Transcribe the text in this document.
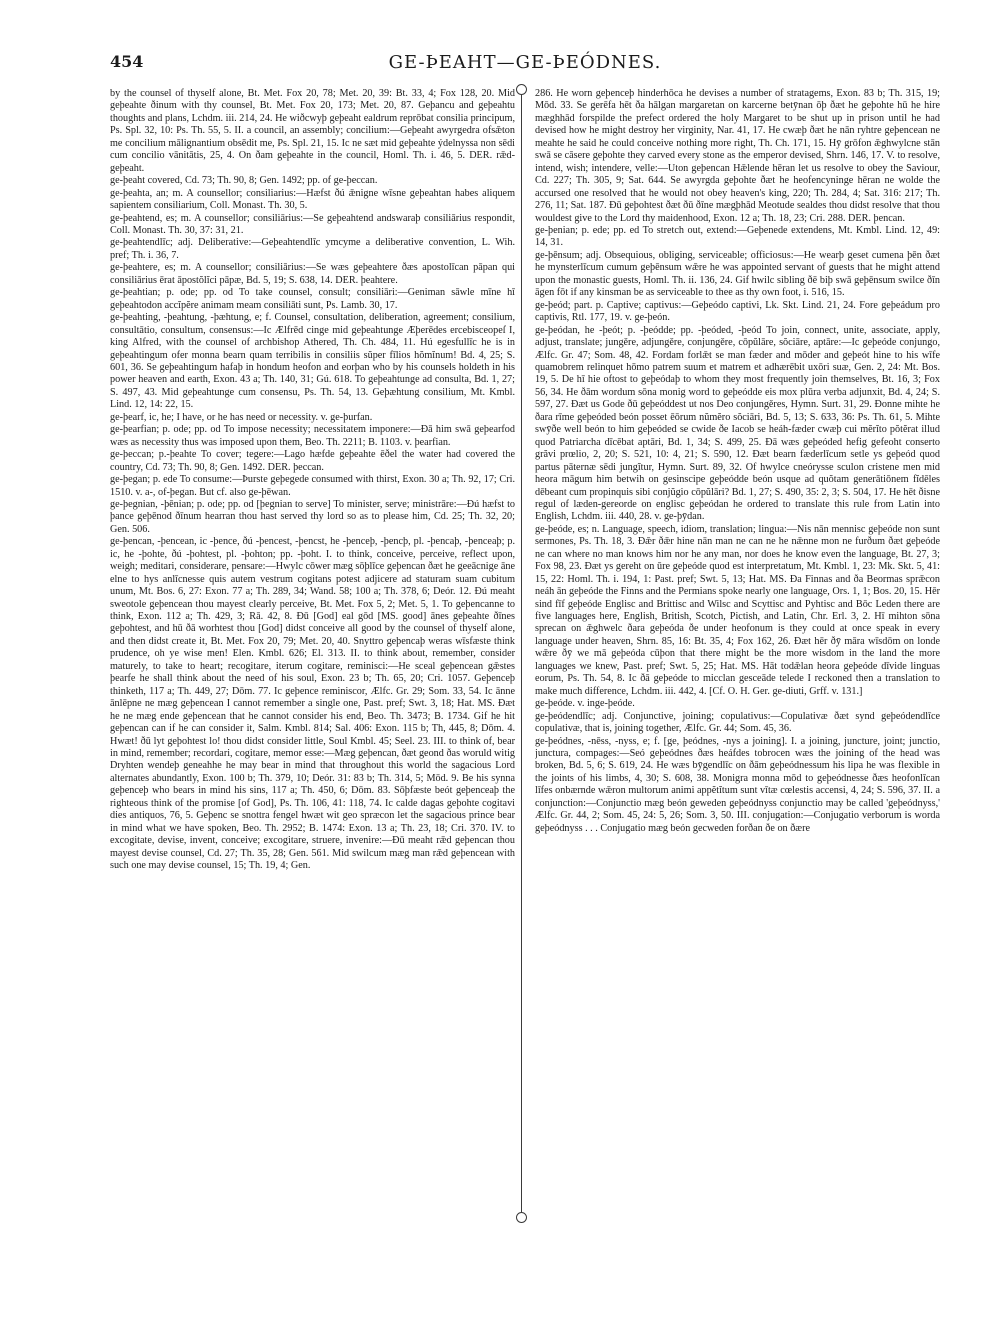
454	GE-ÞEAHT—GE-ÞEÓDNES.

by the counsel of thyself alone, Bt. Met. Fox 20, 78; Met. 20, 39: Bt. 33, 4; Fox 128, 20. Mid geþeahte ðinum with thy counsel, Bt. Met. Fox 20, 173; Met. 20, 87. Geþancu and geþeahtu thoughts and plans, Lchdm. iii. 214, 24. He wiðcwyþ geþeaht ealdrum reprōbat consilia principum, Ps. Spl. 32, 10: Ps. Th. 55, 5. II. a council, an assembly; concilium:—Geþeaht awyrgedra ofsǣton me concilium mālignantium obsēdit me, Ps. Spl. 21, 15. Ic ne sæt mid geþeahte ýdelnyssa non sēdi cum concilio vānitātis, 25, 4. On ðam geþeahte in the council, Homl. Th. i. 46, 5. DER. rǣd-geþeaht.

ge-þeaht covered, Cd. 73; Th. 90, 8; Gen. 1492; pp. of ge-þeccan.

ge-þeahta, an; m. A counsellor; consiliarius:—Hæfst ðú ǣnigne wīsne geþeahtan habes aliquem sapientem consiliarium, Coll. Monast. Th. 30, 5.

ge-þeahtend, es; m. A counsellor; consiliārius:—Se geþeahtend andswaraþ consiliārius respondit, Coll. Monast. Th. 30, 37: 31, 21.

ge-þeahtendlīc; adj. Deliberative:—Geþeahtendlīc ymcyme a deliberative convention, L. Wih. pref; Th. i. 36, 7.

ge-þeahtere, es; m. A counsellor; consiliārius:—Se wæs geþeahtere ðæs apostolīcan pāpan qui consiliārius ērat āpostŏlĭci pāpæ, Bd. 5, 19; S. 638, 14. DER. þeahtere.

ge-þeahtian; p. ode; pp. od To take counsel, consult; consiliāri:—Geniman sāwle mīne hī geþeahtodon accĭpĕre animam meam consiliāti sunt, Ps. Lamb. 30, 17.

ge-þeahting, -þeahtung, -þæhtung, e; f. Counsel, consultation, deliberation, agreement; consilium, consultātio, consultum, consensus:—Ic Ælfrēd cinge mid geþeahtunge Æþerēdes ercebisceopeſ I, king Alfred, with the counsel of archbishop Athered, Th. Ch. 484, 11. Hú egesfullīc he is in geþeahtingum ofer monna bearn quam terribilis in consiliis sŭper fīlios hŏmĭnum! Bd. 4, 25; S. 601, 36. Se geþeahtingum hafaþ in hondum heofon and eorþan who by his counsels holdeth in his power heaven and earth, Exon. 43 a; Th. 140, 31; Gú. 618. To geþeahtunge ad consulta, Bd. 1, 27; S. 497, 43. Mid geþeahtunge cum consensu, Ps. Th. 54, 13. Geþæhtung consilium, Mt. Kmbl. Lind. 12, 14: 22, 15.

ge-þearf, ic, he; I have, or he has need or necessity. v. ge-þurfan.

ge-þearfian; p. ode; pp. od To impose necessity; necessitatem imponere:—Ðā him swā geþearfod wæs as necessity thus was imposed upon them, Beo. Th. 2211; B. 1103. v. þearfian.

ge-þeccan; p.-þeahte To cover; tegere:—Lago hæfde geþeahte ēðel the water had covered the country, Cd. 73; Th. 90, 8; Gen. 1492. DER. þeccan.

ge-þegan; p. ede To consume:—Þurste geþegede consumed with thirst, Exon. 30 a; Th. 92, 17; Cri. 1510. v. a-, of-þegan. But cf. also ge-þēwan.

ge-þegnian, -þēnian; p. ode; pp. od [þegnian to serve] To minister, serve; ministrāre:—Ðú hæfst to þance geþēnod ðīnum hearran thou hast served thy lord so as to please him, Cd. 25; Th. 32, 20; Gen. 506.

ge-þencan, -þencean, ic -þence, ðú -þencest, -þencst, he -þenceþ, -þencþ, pl. -þencaþ, -þenceaþ; p. ic, he -þohte, ðú -þohtest, pl. -þohton; pp. -þoht. I. to think, conceive, perceive, reflect upon, weigh; meditari, considerare, pensare:—Hwylc cōwer mæg sōþlīce geþencan ðæt he geeācnige āne elne to hys anlīcnesse quis autem vestrum cogitans potest adjicere ad staturam suam cubitum unum, Mt. Bos. 6, 27: Exon. 77 a; Th. 289, 34; Wand. 58; 100 a; Th. 378, 6; Deór. 12. Ðú meaht sweotole geþencean thou mayest clearly perceive, Bt. Met. Fox 5, 2; Met. 5, 1. To geþencanne to think, Exon. 112 a; Th. 429, 3; Rā. 42, 8. Ðū [God] eal gōd [MS. good] ānes geþeahte ðīnes geþohtest, and hū ðā worhtest thou [God] didst conceive all good by the counsel of thyself alone, and then didst create it, Bt. Met. Fox 20, 79; Met. 20, 40. Snyttro geþencaþ weras wīsfæste think prudence, oh ye wise men! Elen. Kmbl. 626; El. 313. II. to think about, remember, consider maturely, to take to heart; recogitare, iterum cogitare, reminisci:—He sceal geþencean gǣstes þearfe he shall think about the need of his soul, Exon. 23 b; Th. 65, 20; Cri. 1057. Geþenceþ thinketh, 117 a; Th. 449, 27; Dōm. 77. Ic geþence reminiscor, Ælfc. Gr. 29; Som. 33, 54. Ic ānne ānlēpne ne mæg geþencean I cannot remember a single one, Past. pref; Swt. 3, 18; Hat. MS. Ðæt he ne mæg ende geþencean that he cannot consider his end, Beo. Th. 3473; B. 1734. Gif he hit geþencan can if he can consider it, Salm. Kmbl. 814; Sal. 406: Exon. 115 b; Th, 445, 8; Dōm. 4. Hwæt! ðū lyt geþohtest lo! thou didst consider little, Soul Kmbl. 45; Seel. 23. III. to think of, bear in mind, remember; recordari, cogitare, memor esse:—Mæg geþencan, ðæt geond ðas woruld witig Dryhten wendeþ geneahhe he may bear in mind that throughout this world the sagacious Lord alternates abundantly, Exon. 100 b; Th. 379, 10; Deór. 31: 83 b; Th. 314, 5; Mōd. 9. Be his synna geþenceþ who bears in mind his sins, 117 a; Th. 450, 6; Dōm. 83. Sōþfæste beót geþenceaþ the righteous think of the promise [of God], Ps. Th. 106, 41: 118, 74. Ic calde dagas geþohte cogitavi dies antiquos, 76, 5. Geþenc se snottra fengel hwæt wit geo spræcon let the sagacious prince bear in mind what we have spoken, Beo. Th. 2952; B. 1474: Exon. 13 a; Th. 23, 18; Cri. 370. IV. to excogitate, devise, invent, conceive; excogitare, struere, invenire:—Ðū meaht rǣd geþencan thou mayest devise counsel, Cd. 27; Th. 35, 28; Gen. 561. Mid swilcum mæg man rǣd geþencean with such one may devise counsel, 15; Th. 19, 4; Gen.

286. He worn geþenceþ hinderhōca he devises a number of stratagems, Exon. 83 b; Th. 315, 19; Mōd. 33. Se gerēfa hēt ða hālgan margaretan on karcerne betȳnan ōþ ðæt he geþohte hū he hire mæghhād forspilde the prefect ordered the holy Margaret to be shut up in prison until he had devised how he might destroy her virginity, Nar. 41, 17. He cwæþ ðæt he nān ryhtre geþencean ne meahte he said he could conceive nothing more right, Th. Ch. 171, 15. Hȳ grōfon ǣghwylcne stān swā se cāsere geþohte they carved every stone as the emperor devised, Shrn. 146, 17. V. to resolve, intend, wish; intendere, velle:—Uton geþencan Hǣlende hēran let us resolve to obey the Saviour, Cd. 227; Th. 305, 9; Sat. 644. Se awyrgda geþohte ðæt he heofencyninge hēran ne wolde the accursed one resolved that he would not obey heaven's king, 220; Th. 284, 4; Sat. 316: 217; Th. 276, 11; Sat. 187. Ðū geþohtest ðæt ðū ðīne mægþhād Meotude sealdes thou didst resolve that thou wouldest give to the Lord thy maidenhood, Exon. 12 a; Th. 18, 23; Cri. 288. DER. þencan.

ge-þenian; p. ede; pp. ed To stretch out, extend:—Geþenede extendens, Mt. Kmbl. Lind. 12, 49: 14, 31.

ge-þēnsum; adj. Obsequious, obliging, serviceable; officiosus:—He wearþ geset cumena þēn ðæt he mynsterlīcum cumum geþēnsum wǣre he was appointed servant of guests that he might attend upon the monastic guests, Homl. Th. ii. 136, 24. Gif hwilc sibling ðē biþ swā geþēnsum swilce ðīn āgen fōt if any kinsman be as serviceable to thee as thy own foot, i. 516, 15.

ge-þeód; part. p. Captive; captivus:—Geþeódo captivi, Lk. Skt. Lind. 21, 24. Fore geþeádum pro captivis, Rtl. 177, 19. v. ge-þeón.

ge-þeódan, he -þeót; p. -þeódde; pp. -þeóded, -þeód To join, connect, unite, associate, apply, adjust, translate; jungěre, adjungěre, conjungěre, cōpŭlāre, sŏciāre, aptāre:—Ic geþeóde conjungo, Ælfc. Gr. 47; Som. 48, 42. Fordam forlǣt se man fæder and mōder and geþeót hine to his wīfe quamobrem relinquet hōmo patrem suum et matrem et adhærēbit uxōri suæ, Gen. 2, 24: Mt. Bos. 19, 5. De hī hie oftost to geþeódaþ to whom they most frequently join themselves, Bt. 16, 3; Fox 56, 34. He ðām wordum sōna monig word to geþeódde eis mox plūra verba adjunxit, Bd. 4, 24; S. 597, 27. Ðæt us Gode ðū geþeóddest ut nos Deo conjungěres, Hymn. Surt. 31, 29. Ðonne mihte he ðara rīme geþeóded beón posset ēōrum nŭmĕro sŏciāri, Bd. 5, 13; S. 633, 36: Ps. Th. 61, 5. Mihte swȳðe well beón to him geþeóded se cwide ðe Iacob se heáh-fæder cwæþ cui mĕrĭto pŏtĕrat illud quod Patriarcha dīcēbat aptāri, Bd. 1, 34; S. 499, 25. Ðā wæs geþeóded hefig gefeoht conserto grăvi prœlio, 2, 20; S. 521, 10: 4, 21; S. 590, 12. Ðæt bearn fæderlīcum setle ys geþeód quod partus pāternæ sēdi jungĭtur, Hymn. Surt. 89, 32. Of hwylce cneórysse sculon cristene men mid heora māgum him betwih on gesinscipe geþeódde beón usque ad quŏtam generātiōnem fĭdēles dēbeant cum propinquis sibi conjŭgio cōpŭlāri? Bd. 1, 27; S. 490, 35: 2, 3; S. 504, 17. He hēt ðisne regul of læden-gereorde on englisc geþeódan he ordered to translate this rule from Latin into English, Lchdm. iii. 440, 28. v. ge-þȳdan.

ge-þeóde, es; n. Language, speech, idiom, translation; lingua:—Nis nān mennisc geþeóde non sunt sermones, Ps. Th. 18, 3. Ðǣr ðǣr hine nān man ne can ne he nǣnne mon ne furðum ðæt geþeóde ne can where no man knows him nor he any man, nor does he know even the language, Bt. 27, 3; Fox 98, 23. Ðæt ys gereht on ūre geþeóde quod est interpretatum, Mt. Kmbl. 1, 23: Mk. Skt. 5, 41: 15, 22: Homl. Th. i. 194, 1: Past. pref; Swt. 5, 13; Hat. MS. Ða Finnas and ða Beormas sprǣcon neáh ān geþeóde the Finns and the Permians spoke nearly one language, Ors. 1, 1; Bos. 20, 15. Hēr sind fīf geþeóde Englisc and Brittisc and Wilsc and Scyttisc and Pyhtisc and Bōc Leden there are five languages here, English, British, Scotch, Pictish, and Latin, Chr. Erl. 3, 2. Hī mihton sōna sprecan on ǣghwelc ðara geþeóda ðe under heofonum is they could at once speak in every language under heaven, Shrn. 85, 16: Bt. 35, 4; Fox 162, 26. Ðæt hēr ðȳ māra wīsdōm on londe wǣre ðȳ we mā geþeóda cūþon that there might be the more wisdom in the land the more languages we knew, Past. pref; Swt. 5, 25; Hat. MS. Hāt todǣlan heora geþeóde dīvide linguas eorum, Ps. Th. 54, 8. Ic ðā geþeóde to micclan gesceāde telede I reckoned then a translation to make much difference, Lchdm. iii. 442, 4. [Cf. O. H. Ger. ge-diuti, Grff. v. 131.]

ge-þeóde. v. inge-þeóde.

ge-þeódendlīc; adj. Conjunctive, joining; copulativus:—Copulativæ ðæt synd geþeódendlīce copulativæ, that is, joining together, Ælfc. Gr. 44; Som. 45, 36.

ge-þeódnes, -nēss, -nyss, e; f. [ge, þeódnes, -nys a joining]. I. a joining, juncture, joint; junctio, junctura, compages:—Seó geþeódnes ðæs heáfdes tobrocen wæs the joining of the head was broken, Bd. 5, 6; S. 619, 24. He wæs bȳgendlīc on ðām geþeódnessum his lipa he was flexible in the joints of his limbs, 4, 30; S. 608, 38. Monigra monna mōd to geþeódnesse ðæs heofonlīcan līfes onbærnde wǣron multorum animi appĕtĭtum sunt vītæ cœlestis accensi, 4, 24; S. 596, 37. II. a conjunction:—Conjunctio mæg beón geweden geþeódnyss conjunctio may be called 'geþeódnyss,' Ælfc. Gr. 44, 2; Som. 45, 24: 5, 26; Som. 3, 50. III. conjugation:—Conjugatio verborum is worda geþeódnyss . . . Conjugatio mæg beón gecweden forðan ðe on ðære
